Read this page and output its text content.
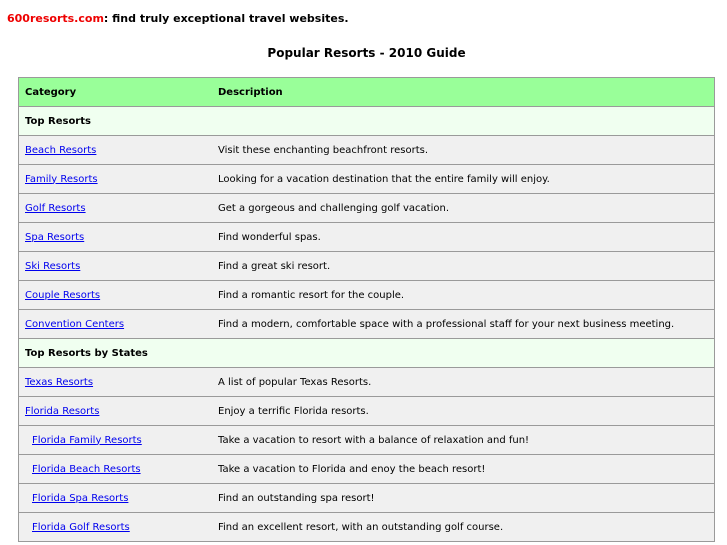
600resorts.com: find truly exceptional travel websites.
Popular Resorts - 2010 Guide
Category	Description
Top Resorts	
Beach Resorts	Visit these enchanting beachfront resorts.
Family Resorts	Looking for a vacation destination that the entire family will enjoy.
Golf Resorts	Get a gorgeous and challenging golf vacation.
Spa Resorts	Find wonderful spas.
Ski Resorts	Find a great ski resort.
Couple Resorts	Find a romantic resort for the couple.
Convention Centers	Find a modern, comfortable space with a professional staff for your next business meeting.
Top Resorts by States	
Texas Resorts	A list of popular Texas Resorts.
Florida Resorts	Enjoy a terrific Florida resorts.
Florida Family Resorts	Take a vacation to resort with a balance of relaxation and fun!
Florida Beach Resorts	Take a vacation to Florida and enoy the beach resort!
Florida Spa Resorts	Find an outstanding spa resort!
Florida Golf Resorts	Find an excellent resort, with an outstanding golf course.
